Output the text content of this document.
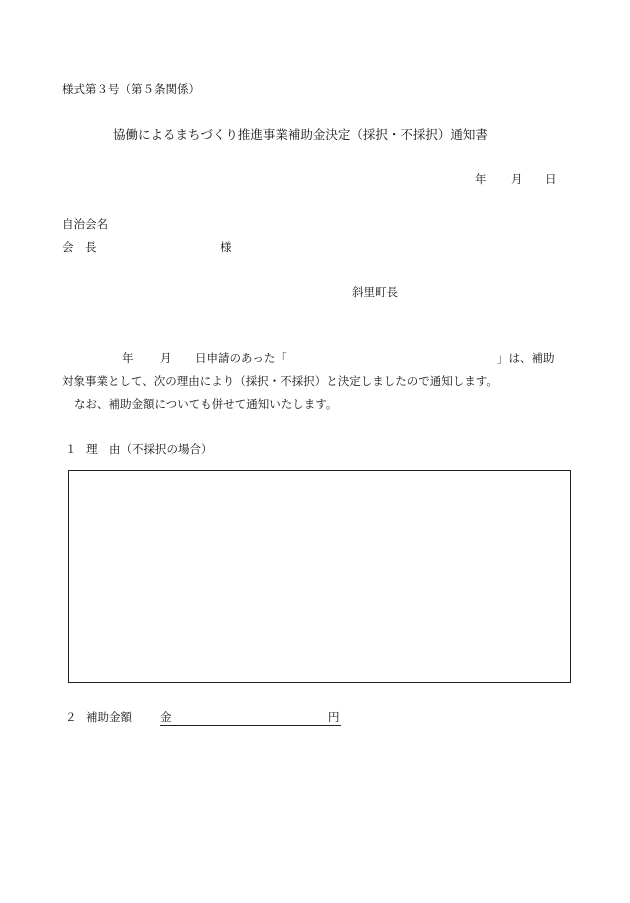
様式第３号（第５条関係）
協働によるまちづくり推進事業補助金決定（採択・不採択）通知書
年 月 日
自治会名
会　長	様
斜里町長
年 月 日申請のあった「	」は、補助
対象事業として、次の理由により（採択・不採択）と決定しましたので通知します。
なお、補助金額についても併せて通知いたします。
１ 理　由（不採択の場合）
２ 補助金額 金	円
